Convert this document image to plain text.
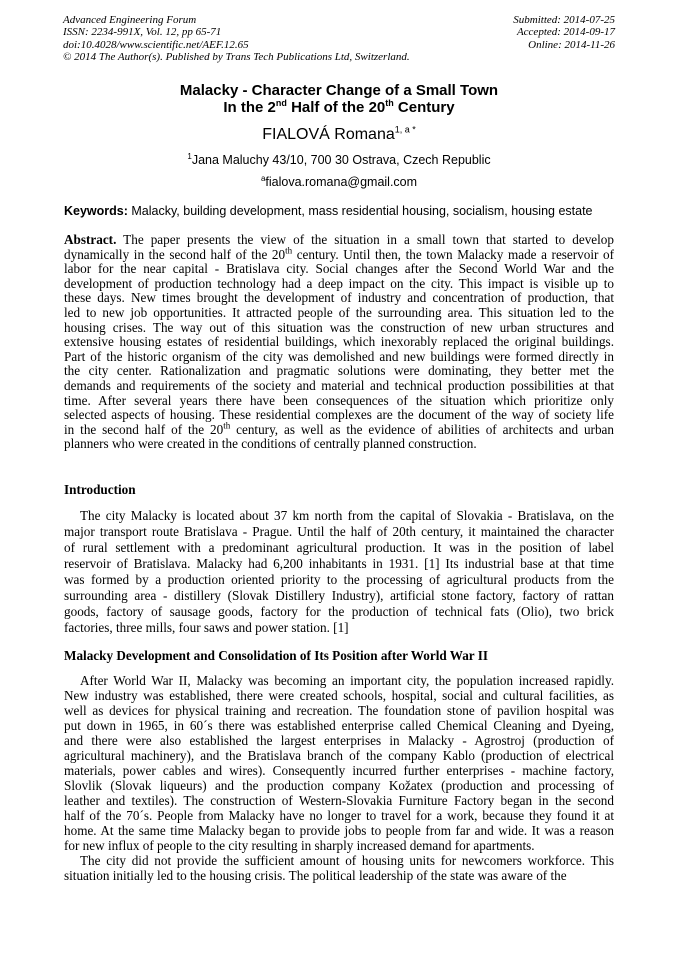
Advanced Engineering Forum
ISSN: 2234-991X, Vol. 12, pp 65-71
doi:10.4028/www.scientific.net/AEF.12.65
© 2014 The Author(s). Published by Trans Tech Publications Ltd, Switzerland.
Submitted: 2014-07-25
Accepted: 2014-09-17
Online: 2014-11-26
Malacky - Character Change of a Small Town
In the 2nd Half of the 20th Century
FIALOVÁ Romana$^{1, a *}$
$^1$Jana Maluchy 43/10, 700 30 Ostrava, Czech Republic
$^a$fialova.romana@gmail.com
Keywords: Malacky, building development, mass residential housing, socialism, housing estate
Abstract. The paper presents the view of the situation in a small town that started to develop
dynamically in the second half of the 20th century. Until then, the town Malacky made a reservoir of
labor for the near capital - Bratislava city. Social changes after the Second World War and the
development of production technology had a deep impact on the city. This impact is visible up to
these days. New times brought the development of industry and concentration of production, that
led to new job opportunities. It attracted people of the surrounding area. This situation led to the
housing crises. The way out of this situation was the construction of new urban structures and
extensive housing estates of residential buildings, which inexorably replaced the original buildings.
Part of the historic organism of the city was demolished and new buildings were formed directly in
the city center. Rationalization and pragmatic solutions were dominating, they better met the
demands and requirements of the society and material and technical production possibilities at that
time. After several years there have been consequences of the situation which prioritize only
selected aspects of housing. These residential complexes are the document of the way of society life
in the second half of the 20th century, as well as the evidence of abilities of architects and urban
planners who were created in the conditions of centrally planned construction.
Introduction
The city Malacky is located about 37 km north from the capital of Slovakia - Bratislava, on the
major transport route Bratislava - Prague. Until the half of 20th century, it maintained the character
of rural settlement with a predominant agricultural production. It was in the position of label
reservoir of Bratislava. Malacky had 6,200 inhabitants in 1931. [1] Its industrial base at that time
was formed by a production oriented priority to the processing of agricultural products from the
surrounding area - distillery (Slovak Distillery Industry), artificial stone factory, factory of rattan
goods, factory of sausage goods, factory for the production of technical fats (Olio), two brick
factories, three mills, four saws and power station. [1]
Malacky Development and Consolidation of Its Position after World War II
After World War II, Malacky was becoming an important city, the population increased rapidly.
New industry was established, there were created schools, hospital, social and cultural facilities, as
well as devices for physical training and recreation. The foundation stone of pavilion hospital was
put down in 1965, in 60´s there was established enterprise called Chemical Cleaning and Dyeing,
and there were also established the largest enterprises in Malacky - Agrostroj (production of
agricultural machinery), and the Bratislava branch of the company Kablo (production of electrical
materials, power cables and wires). Consequently incurred further enterprises - machine factory,
Slovlik (Slovak liqueurs) and the production company Kožatex (production and processing of
leather and textiles). The construction of Western-Slovakia Furniture Factory began in the second
half of the 70´s. People from Malacky have no longer to travel for a work, because they found it at
home. At the same time Malacky began to provide jobs to people from far and wide. It was a reason
for new influx of people to the city resulting in sharply increased demand for apartments.
The city did not provide the sufficient amount of housing units for newcomers workforce. This
situation initially led to the housing crisis. The political leadership of the state was aware of the
